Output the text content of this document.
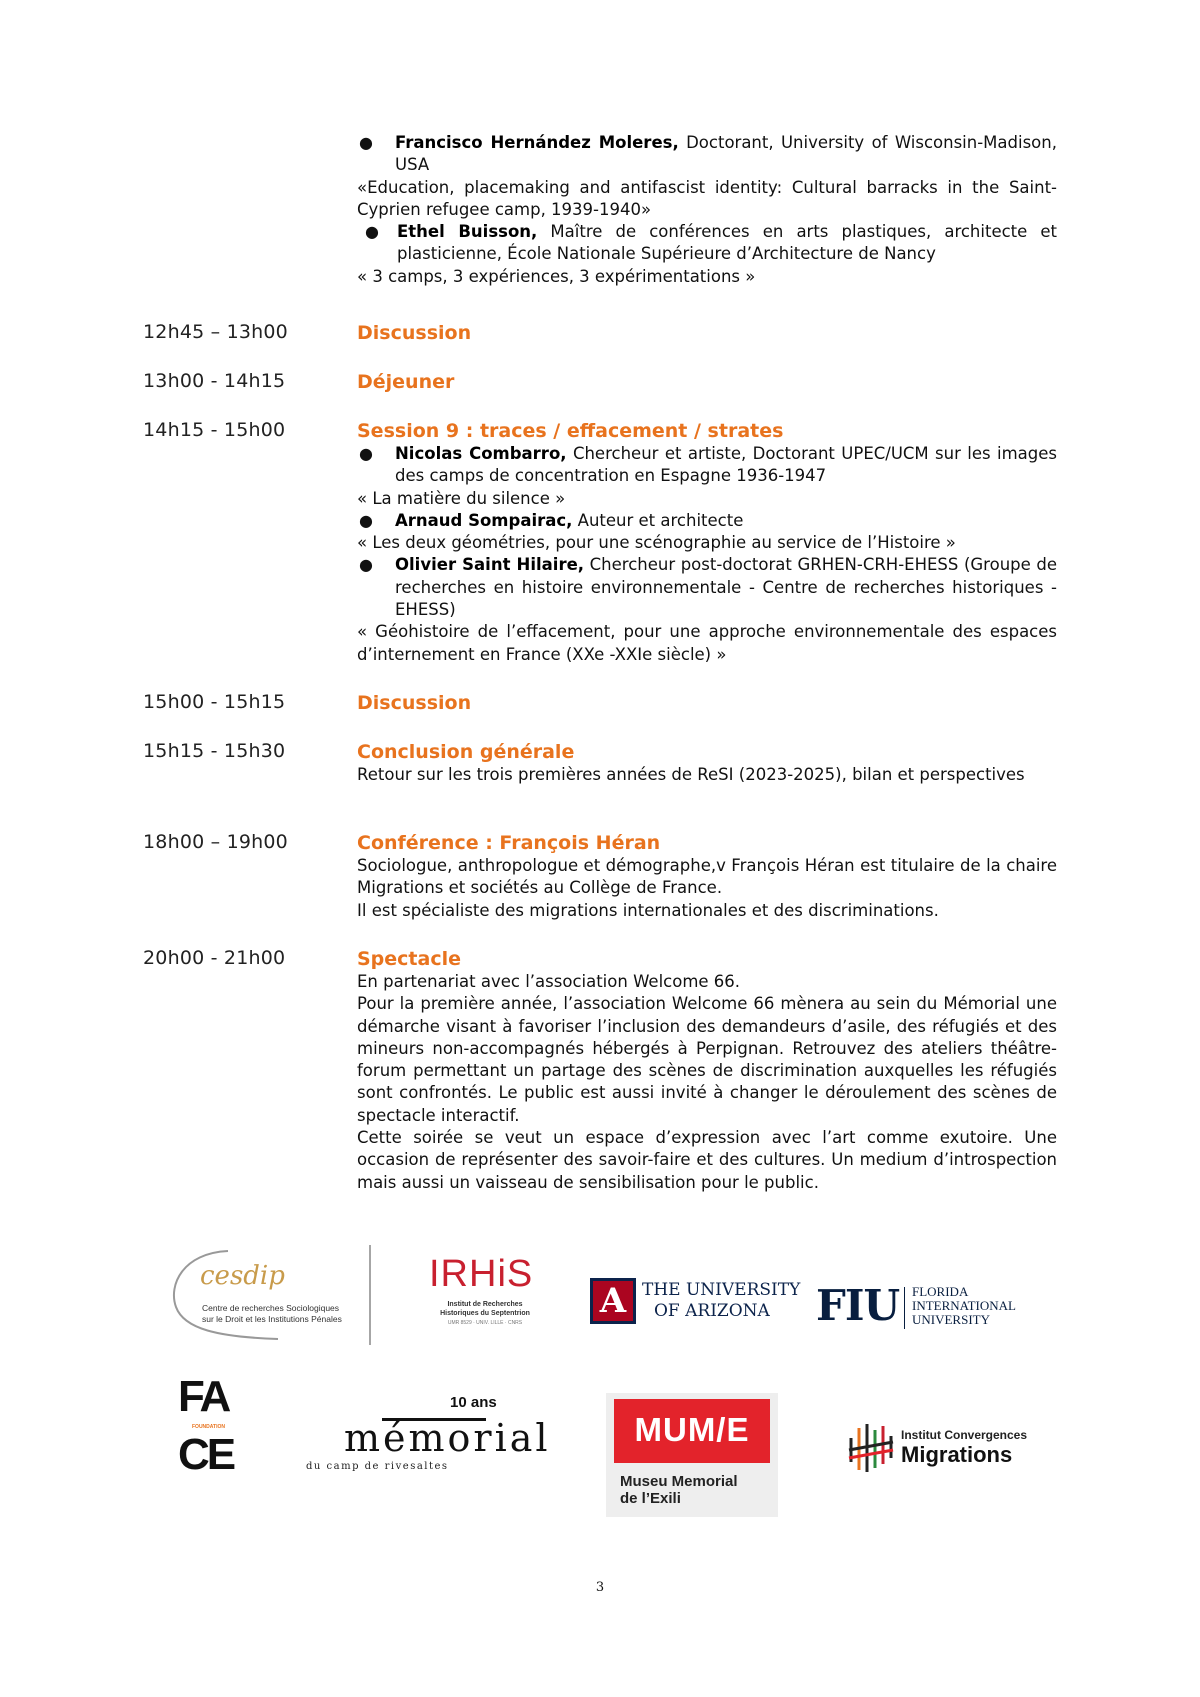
● Francisco Hernández Moleres, Doctorant, University of Wisconsin-Madison, USA
«Education, placemaking and antifascist identity: Cultural barracks in the Saint-Cyprien refugee camp, 1939-1940»
● Ethel Buisson, Maître de conférences en arts plastiques, architecte et plasticienne, École Nationale Supérieure d’Architecture de Nancy
« 3 camps, 3 expériences, 3 expérimentations »
12h45 – 13h00	Discussion
13h00 - 14h15	Déjeuner
14h15 - 15h00	Session 9 : traces / effacement / strates
● Nicolas Combarro, Chercheur et artiste, Doctorant UPEC/UCM sur les images des camps de concentration en Espagne 1936-1947
« La matière du silence »
● Arnaud Sompairac, Auteur et architecte
« Les deux géométries, pour une scénographie au service de l’Histoire »
● Olivier Saint Hilaire, Chercheur post-doctorat GRHEN-CRH-EHESS (Groupe de recherches en histoire environnementale - Centre de recherches historiques - EHESS)
« Géohistoire de l’effacement, pour une approche environnementale des espaces d’internement en France (XXe -XXIe siècle) »
15h00 - 15h15	Discussion
15h15 - 15h30	Conclusion générale
Retour sur les trois premières années de ReSI (2023-2025), bilan et perspectives
18h00 – 19h00	Conférence : François Héran
Sociologue, anthropologue et démographe,v François Héran est titulaire de la chaire Migrations et sociétés au Collège de France.
Il est spécialiste des migrations internationales et des discriminations.
20h00 - 21h00	Spectacle
En partenariat avec l’association Welcome 66.
Pour la première année, l’association Welcome 66 mènera au sein du Mémorial une démarche visant à favoriser l’inclusion des demandeurs d’asile, des réfugiés et des mineurs non-accompagnés hébergés à Perpignan. Retrouvez des ateliers théâtre-forum permettant un partage des scènes de discrimination auxquelles les réfugiés sont confrontés. Le public est aussi invité à changer le déroulement des scènes de spectacle interactif.
Cette soirée se veut un espace d’expression avec l’art comme exutoire. Une occasion de représenter des savoir-faire et des cultures. Un medium d’introspection mais aussi un vaisseau de sensibilisation pour le public.
cesdip
Centre de recherches Sociologiques
sur le Droit et les Institutions Pénales
IRHiS
Institut de Recherches
Historiques du Septentrion
UMR 8529 · UNIV. LILLE · CNRS
A THE UNIVERSITY
OF ARIZONA FIU FLORIDA
INTERNATIONAL
UNIVERSITY
FA
FOUNDATION
CE
10 ans
mémorial
du camp de rivesaltes
MUM/E
Museu Memorial
de l’Exili
Institut Convergences
Migrations
3
